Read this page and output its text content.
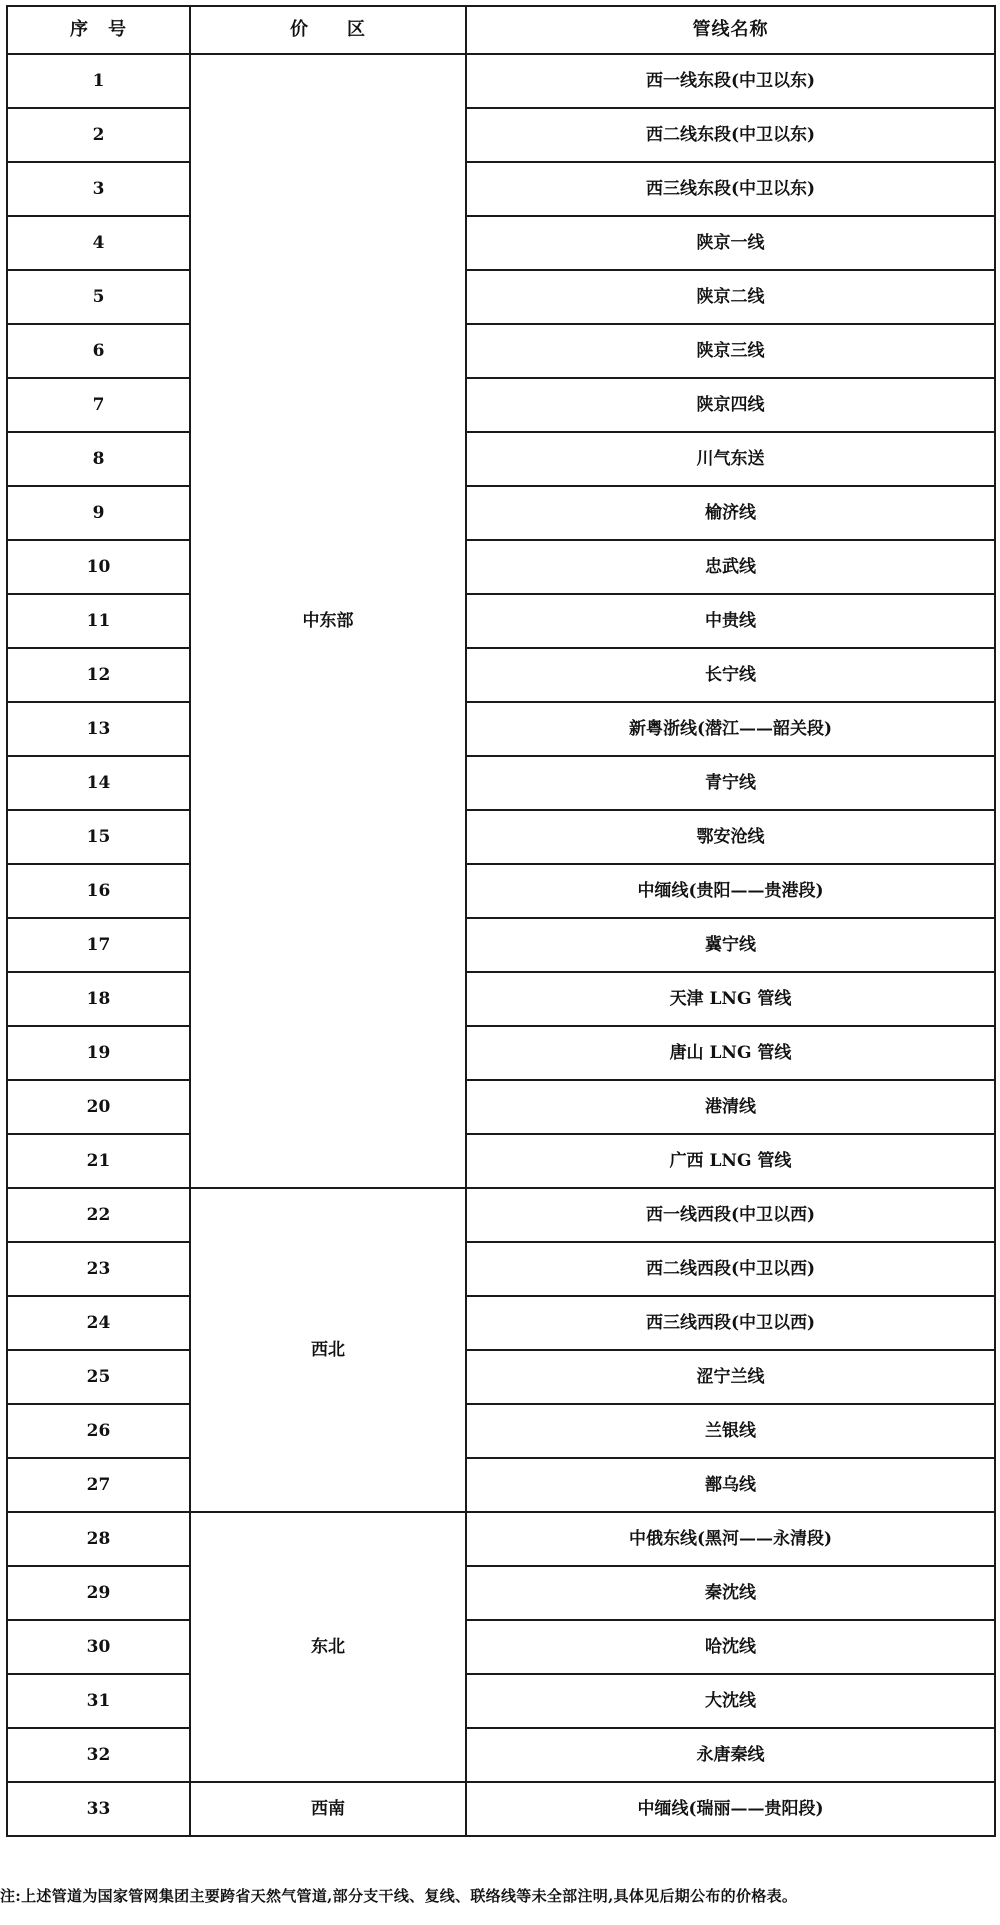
序　号	价　　区	管线名称
1	中东部	西一线东段(中卫以东)
2		西二线东段(中卫以东)
3		西三线东段(中卫以东)
4		陕京一线
5		陕京二线
6		陕京三线
7		陕京四线
8		川气东送
9		榆济线
10		忠武线
11		中贵线
12		长宁线
13		新粤浙线(潜江——韶关段)
14		青宁线
15		鄂安沧线
16		中缅线(贵阳——贵港段)
17		冀宁线
18		天津 LNG 管线
19		唐山 LNG 管线
20		港清线
21		广西 LNG 管线
22	西北	西一线西段(中卫以西)
23		西二线西段(中卫以西)
24		西三线西段(中卫以西)
25		涩宁兰线
26		兰银线
27		鄯乌线
28	东北	中俄东线(黑河——永清段)
29		秦沈线
30		哈沈线
31		大沈线
32		永唐秦线
33	西南	中缅线(瑞丽——贵阳段)
注:上述管道为国家管网集团主要跨省天然气管道,部分支干线、复线、联络线等未全部注明,具体见后期公布的价格表。
